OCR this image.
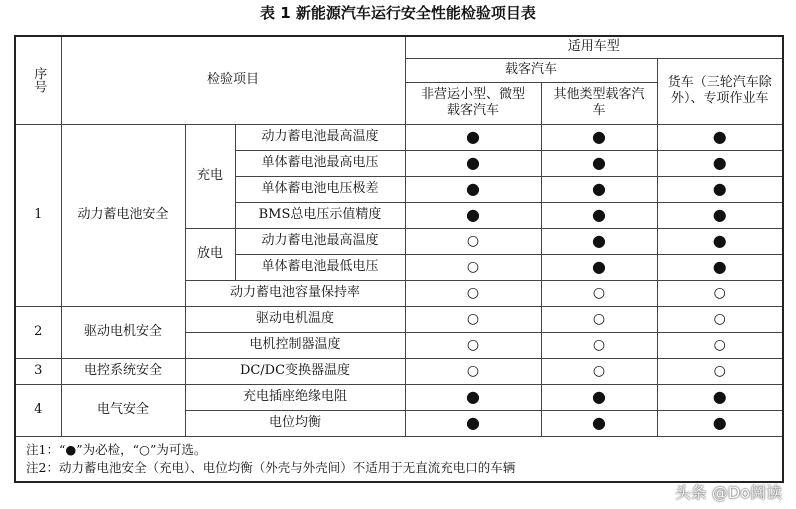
表 1 新能源汽车运行安全性能检验项目表
序号	检验项目			适用车型		
				载客汽车		货车（三轮汽车除外）、专项作业车
				非营运小型、微型载客汽车	其他类型载客汽车	
1	动力蓄电池安全	充电	动力蓄电池最高温度	●	●	●
			单体蓄电池最高电压	●	●	●
			单体蓄电池电压极差	●	●	●
			BMS总电压示值精度	●	●	●
		放电	动力蓄电池最高温度	○	●	●
			单体蓄电池最低电压	○	●	●
		动力蓄电池容量保持率		○	○	○
2	驱动电机安全	驱动电机温度		○	○	○
		电机控制器温度		○	○	○
3	电控系统安全	DC/DC变换器温度		○	○	○
4	电气安全	充电插座绝缘电阻		●	●	●
		电位均衡		●	●	●

注1：“●”为必检，“○”为可选。
注2：动力蓄电池安全（充电）、电位均衡（外壳与外壳间）不适用于无直流充电口的车辆						
头条 @Do阅读
